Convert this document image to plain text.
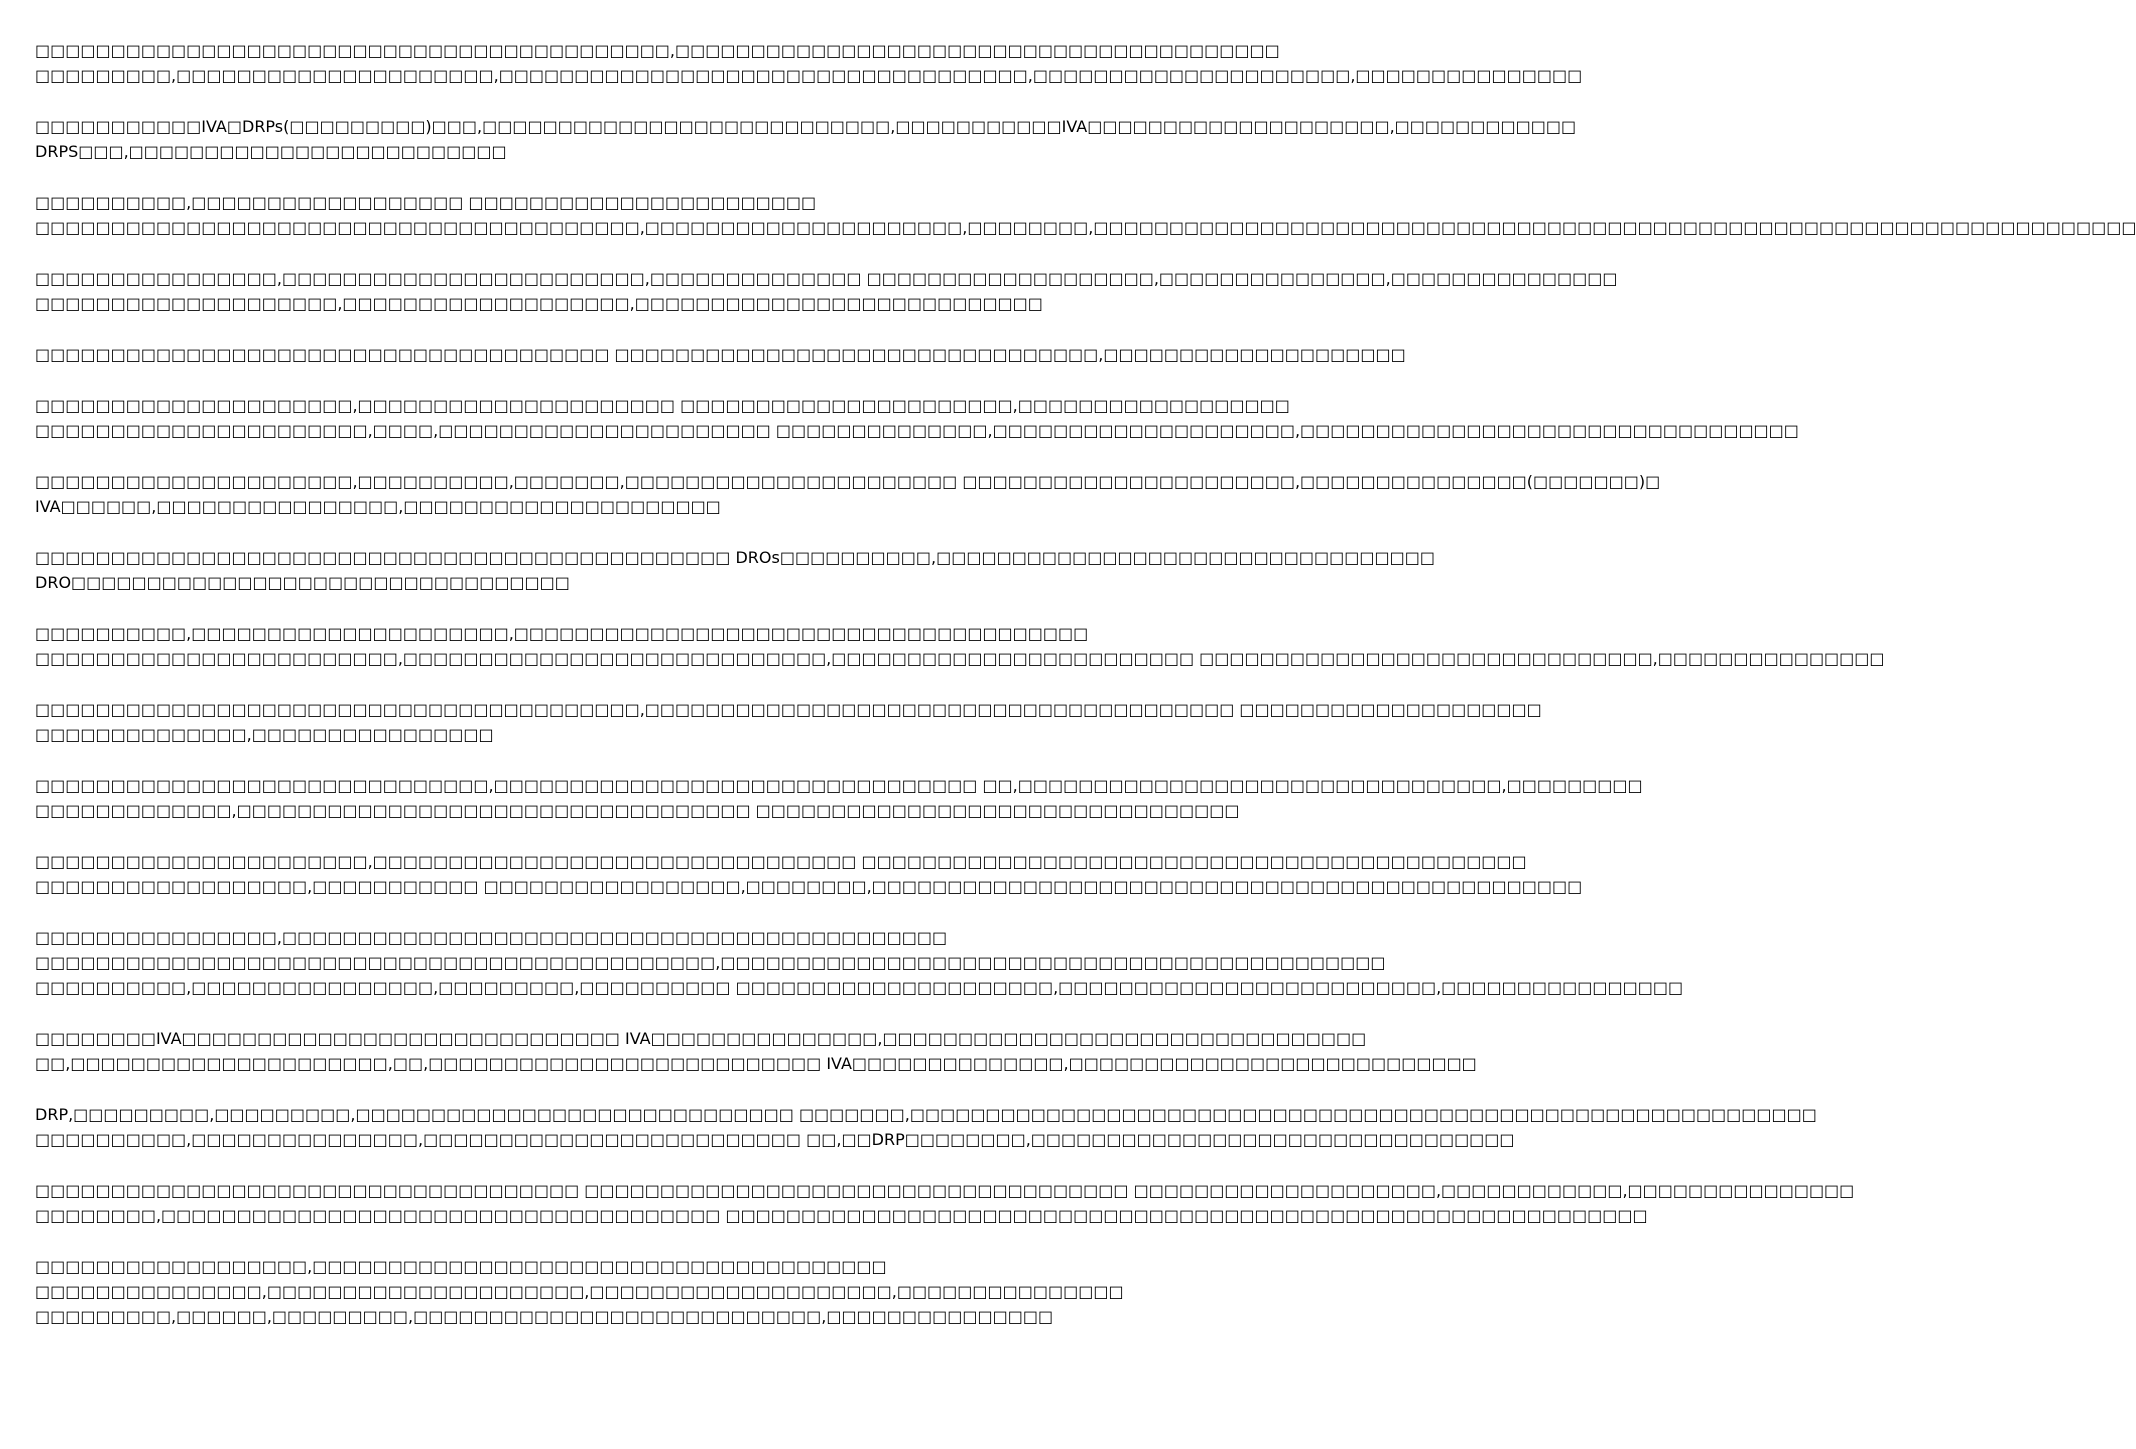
□□□□□□□□□□□□□□□□□□□□□□□□□□□□□□□□□□□□□□□□□□,□□□□□□□□□□□□□□□□□□□□□□□□□□□□□□□□□□□□□□□□
□□□□□□□□□,□□□□□□□□□□□□□□□□□□□□□,□□□□□□□□□□□□□□□□□□□□□□□□□□□□□□□□□□□,□□□□□□□□□□□□□□□□□□□□□,□□□□□□□□□□□□□□□

□□□□□□□□□□□IVA□DRPs(□□□□□□□□□)□□□,□□□□□□□□□□□□□□□□□□□□□□□□□□□,□□□□□□□□□□□IVA□□□□□□□□□□□□□□□□□□□□,□□□□□□□□□□□□
DRPS□□□,□□□□□□□□□□□□□□□□□□□□□□□□□

□□□□□□□□□□,□□□□□□□□□□□□□□□□□□ □□□□□□□□□□□□□□□□□□□□□□□
□□□□□□□□□□□□□□□□□□□□□□□□□□□□□□□□□□□□□□□□,□□□□□□□□□□□□□□□□□□□□□,□□□□□□□□,□□□□□□□□□□□□□□□□□□□□□□□□□□□□□□□□□□□□□□□□□□□□□□□□□□□□□□□□□□□□□□□□□□□□□

□□□□□□□□□□□□□□□□,□□□□□□□□□□□□□□□□□□□□□□□□,□□□□□□□□□□□□□□ □□□□□□□□□□□□□□□□□□□,□□□□□□□□□□□□□□□,□□□□□□□□□□□□□□□
□□□□□□□□□□□□□□□□□□□□,□□□□□□□□□□□□□□□□□□□,□□□□□□□□□□□□□□□□□□□□□□□□□□□

□□□□□□□□□□□□□□□□□□□□□□□□□□□□□□□□□□□□□□ □□□□□□□□□□□□□□□□□□□□□□□□□□□□□□□□,□□□□□□□□□□□□□□□□□□□□

□□□□□□□□□□□□□□□□□□□□□,□□□□□□□□□□□□□□□□□□□□□ □□□□□□□□□□□□□□□□□□□□□□,□□□□□□□□□□□□□□□□□□
□□□□□□□□□□□□□□□□□□□□□□,□□□□,□□□□□□□□□□□□□□□□□□□□□□ □□□□□□□□□□□□□□,□□□□□□□□□□□□□□□□□□□□,□□□□□□□□□□□□□□□□□□□□□□□□□□□□□□□□□

□□□□□□□□□□□□□□□□□□□□□,□□□□□□□□□□,□□□□□□□,□□□□□□□□□□□□□□□□□□□□□□ □□□□□□□□□□□□□□□□□□□□□□,□□□□□□□□□□□□□□□(□□□□□□□)□
IVA□□□□□□,□□□□□□□□□□□□□□□□,□□□□□□□□□□□□□□□□□□□□□

□□□□□□□□□□□□□□□□□□□□□□□□□□□□□□□□□□□□□□□□□□□□□□ DROs□□□□□□□□□□,□□□□□□□□□□□□□□□□□□□□□□□□□□□□□□□□□
DRO□□□□□□□□□□□□□□□□□□□□□□□□□□□□□□□□□

□□□□□□□□□□,□□□□□□□□□□□□□□□□□□□□□,□□□□□□□□□□□□□□□□□□□□□□□□□□□□□□□□□□□□□□
□□□□□□□□□□□□□□□□□□□□□□□□,□□□□□□□□□□□□□□□□□□□□□□□□□□□□,□□□□□□□□□□□□□□□□□□□□□□□□ □□□□□□□□□□□□□□□□□□□□□□□□□□□□□□,□□□□□□□□□□□□□□□

□□□□□□□□□□□□□□□□□□□□□□□□□□□□□□□□□□□□□□□□,□□□□□□□□□□□□□□□□□□□□□□□□□□□□□□□□□□□□□□□ □□□□□□□□□□□□□□□□□□□□
□□□□□□□□□□□□□□,□□□□□□□□□□□□□□□□

□□□□□□□□□□□□□□□□□□□□□□□□□□□□□□,□□□□□□□□□□□□□□□□□□□□□□□□□□□□□□□□ □□,□□□□□□□□□□□□□□□□□□□□□□□□□□□□□□□□,□□□□□□□□□
□□□□□□□□□□□□□,□□□□□□□□□□□□□□□□□□□□□□□□□□□□□□□□□□ □□□□□□□□□□□□□□□□□□□□□□□□□□□□□□□□

□□□□□□□□□□□□□□□□□□□□□□,□□□□□□□□□□□□□□□□□□□□□□□□□□□□□□□□ □□□□□□□□□□□□□□□□□□□□□□□□□□□□□□□□□□□□□□□□□□□□
□□□□□□□□□□□□□□□□□□,□□□□□□□□□□□ □□□□□□□□□□□□□□□□□,□□□□□□□□,□□□□□□□□□□□□□□□□□□□□□□□□□□□□□□□□□□□□□□□□□□□□□□□

□□□□□□□□□□□□□□□□,□□□□□□□□□□□□□□□□□□□□□□□□□□□□□□□□□□□□□□□□□□□□
□□□□□□□□□□□□□□□□□□□□□□□□□□□□□□□□□□□□□□□□□□□□□,□□□□□□□□□□□□□□□□□□□□□□□□□□□□□□□□□□□□□□□□□□□□
□□□□□□□□□□,□□□□□□□□□□□□□□□□,□□□□□□□□□,□□□□□□□□□□ □□□□□□□□□□□□□□□□□□□□□,□□□□□□□□□□□□□□□□□□□□□□□□□,□□□□□□□□□□□□□□□□

□□□□□□□□IVA□□□□□□□□□□□□□□□□□□□□□□□□□□□□□ IVA□□□□□□□□□□□□□□□,□□□□□□□□□□□□□□□□□□□□□□□□□□□□□□□□
□□,□□□□□□□□□□□□□□□□□□□□□,□□,□□□□□□□□□□□□□□□□□□□□□□□□□□ IVA□□□□□□□□□□□□□□,□□□□□□□□□□□□□□□□□□□□□□□□□□□

DRP,□□□□□□□□□,□□□□□□□□□,□□□□□□□□□□□□□□□□□□□□□□□□□□□□□ □□□□□□□,□□□□□□□□□□□□□□□□□□□□□□□□□□□□□□□□□□□□□□□□□□□□□□□□□□□□□□□□□□□□
□□□□□□□□□□,□□□□□□□□□□□□□□□,□□□□□□□□□□□□□□□□□□□□□□□□□ □□,□□DRP□□□□□□□□,□□□□□□□□□□□□□□□□□□□□□□□□□□□□□□□□

□□□□□□□□□□□□□□□□□□□□□□□□□□□□□□□□□□□□ □□□□□□□□□□□□□□□□□□□□□□□□□□□□□□□□□□□□ □□□□□□□□□□□□□□□□□□□□,□□□□□□□□□□□□,□□□□□□□□□□□□□□□
□□□□□□□□,□□□□□□□□□□□□□□□□□□□□□□□□□□□□□□□□□□□□□ □□□□□□□□□□□□□□□□□□□□□□□□□□□□□□□□□□□□□□□□□□□□□□□□□□□□□□□□□□□□□

□□□□□□□□□□□□□□□□□□,□□□□□□□□□□□□□□□□□□□□□□□□□□□□□□□□□□□□□□
□□□□□□□□□□□□□□□,□□□□□□□□□□□□□□□□□□□□□,□□□□□□□□□□□□□□□□□□□□,□□□□□□□□□□□□□□□
□□□□□□□□□,□□□□□□,□□□□□□□□□,□□□□□□□□□□□□□□□□□□□□□□□□□□□,□□□□□□□□□□□□□□□
